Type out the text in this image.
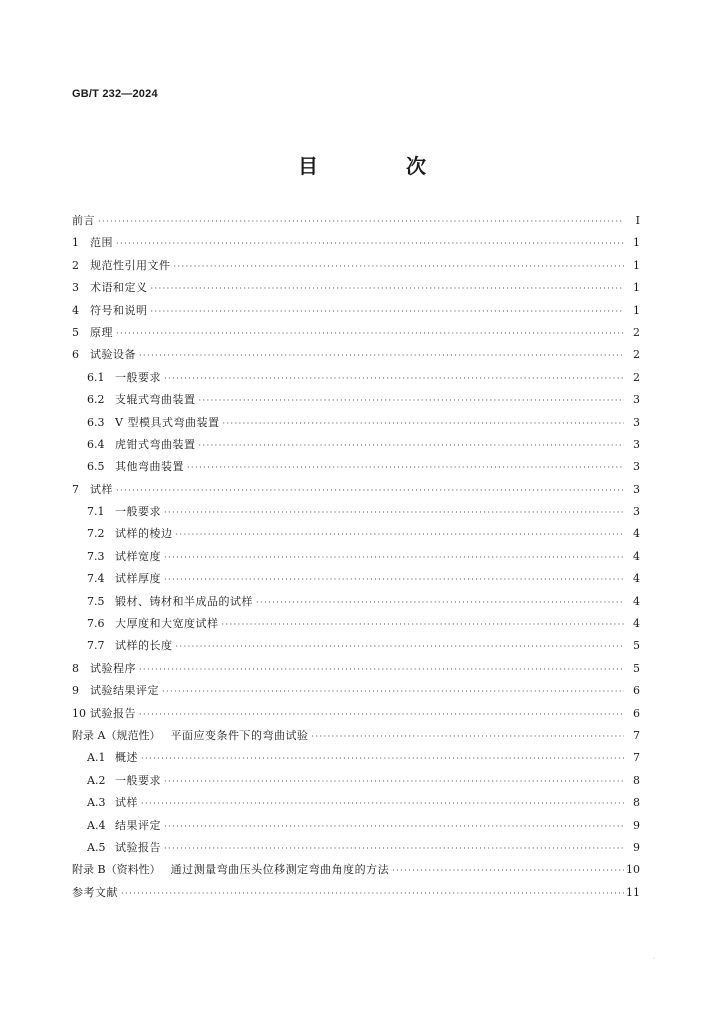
GB/T 232—2024
目　次
前言 ·····	Ⅰ
1	范围 ·····	1
2	规范性引用文件 ·····	1
3	术语和定义 ·····	1
4	符号和说明 ·····	1
5	原理 ·····	2
6	试验设备 ·····	2
6.1 一般要求 ·····	2
6.2 支辊式弯曲装置 ·····	3
6.3 V 型模具式弯曲装置 ·····	3
6.4 虎钳式弯曲装置 ·····	3
6.5 其他弯曲装置 ·····	3
7	试样 ·····	3
7.1 一般要求 ·····	3
7.2 试样的棱边 ·····	4
7.3 试样宽度 ·····	4
7.4 试样厚度 ·····	4
7.5 锻材、铸材和半成品的试样 ·····	4
7.6 大厚度和大宽度试样 ·····	4
7.7 试样的长度 ·····	5
8	试验程序 ·····	5
9	试验结果评定 ·····	6
10 试验报告 ·····	6
附录 A（规范性） 平面应变条件下的弯曲试验 ·····	7
A.1 概述 ·····	7
A.2 一般要求 ·····	8
A.3 试样 ·····	8
A.4 结果评定 ·····	9
A.5 试验报告 ·····	9
附录 B（资料性） 通过测量弯曲压头位移测定弯曲角度的方法 ·····	10
参考文献 ·····	11
˙
